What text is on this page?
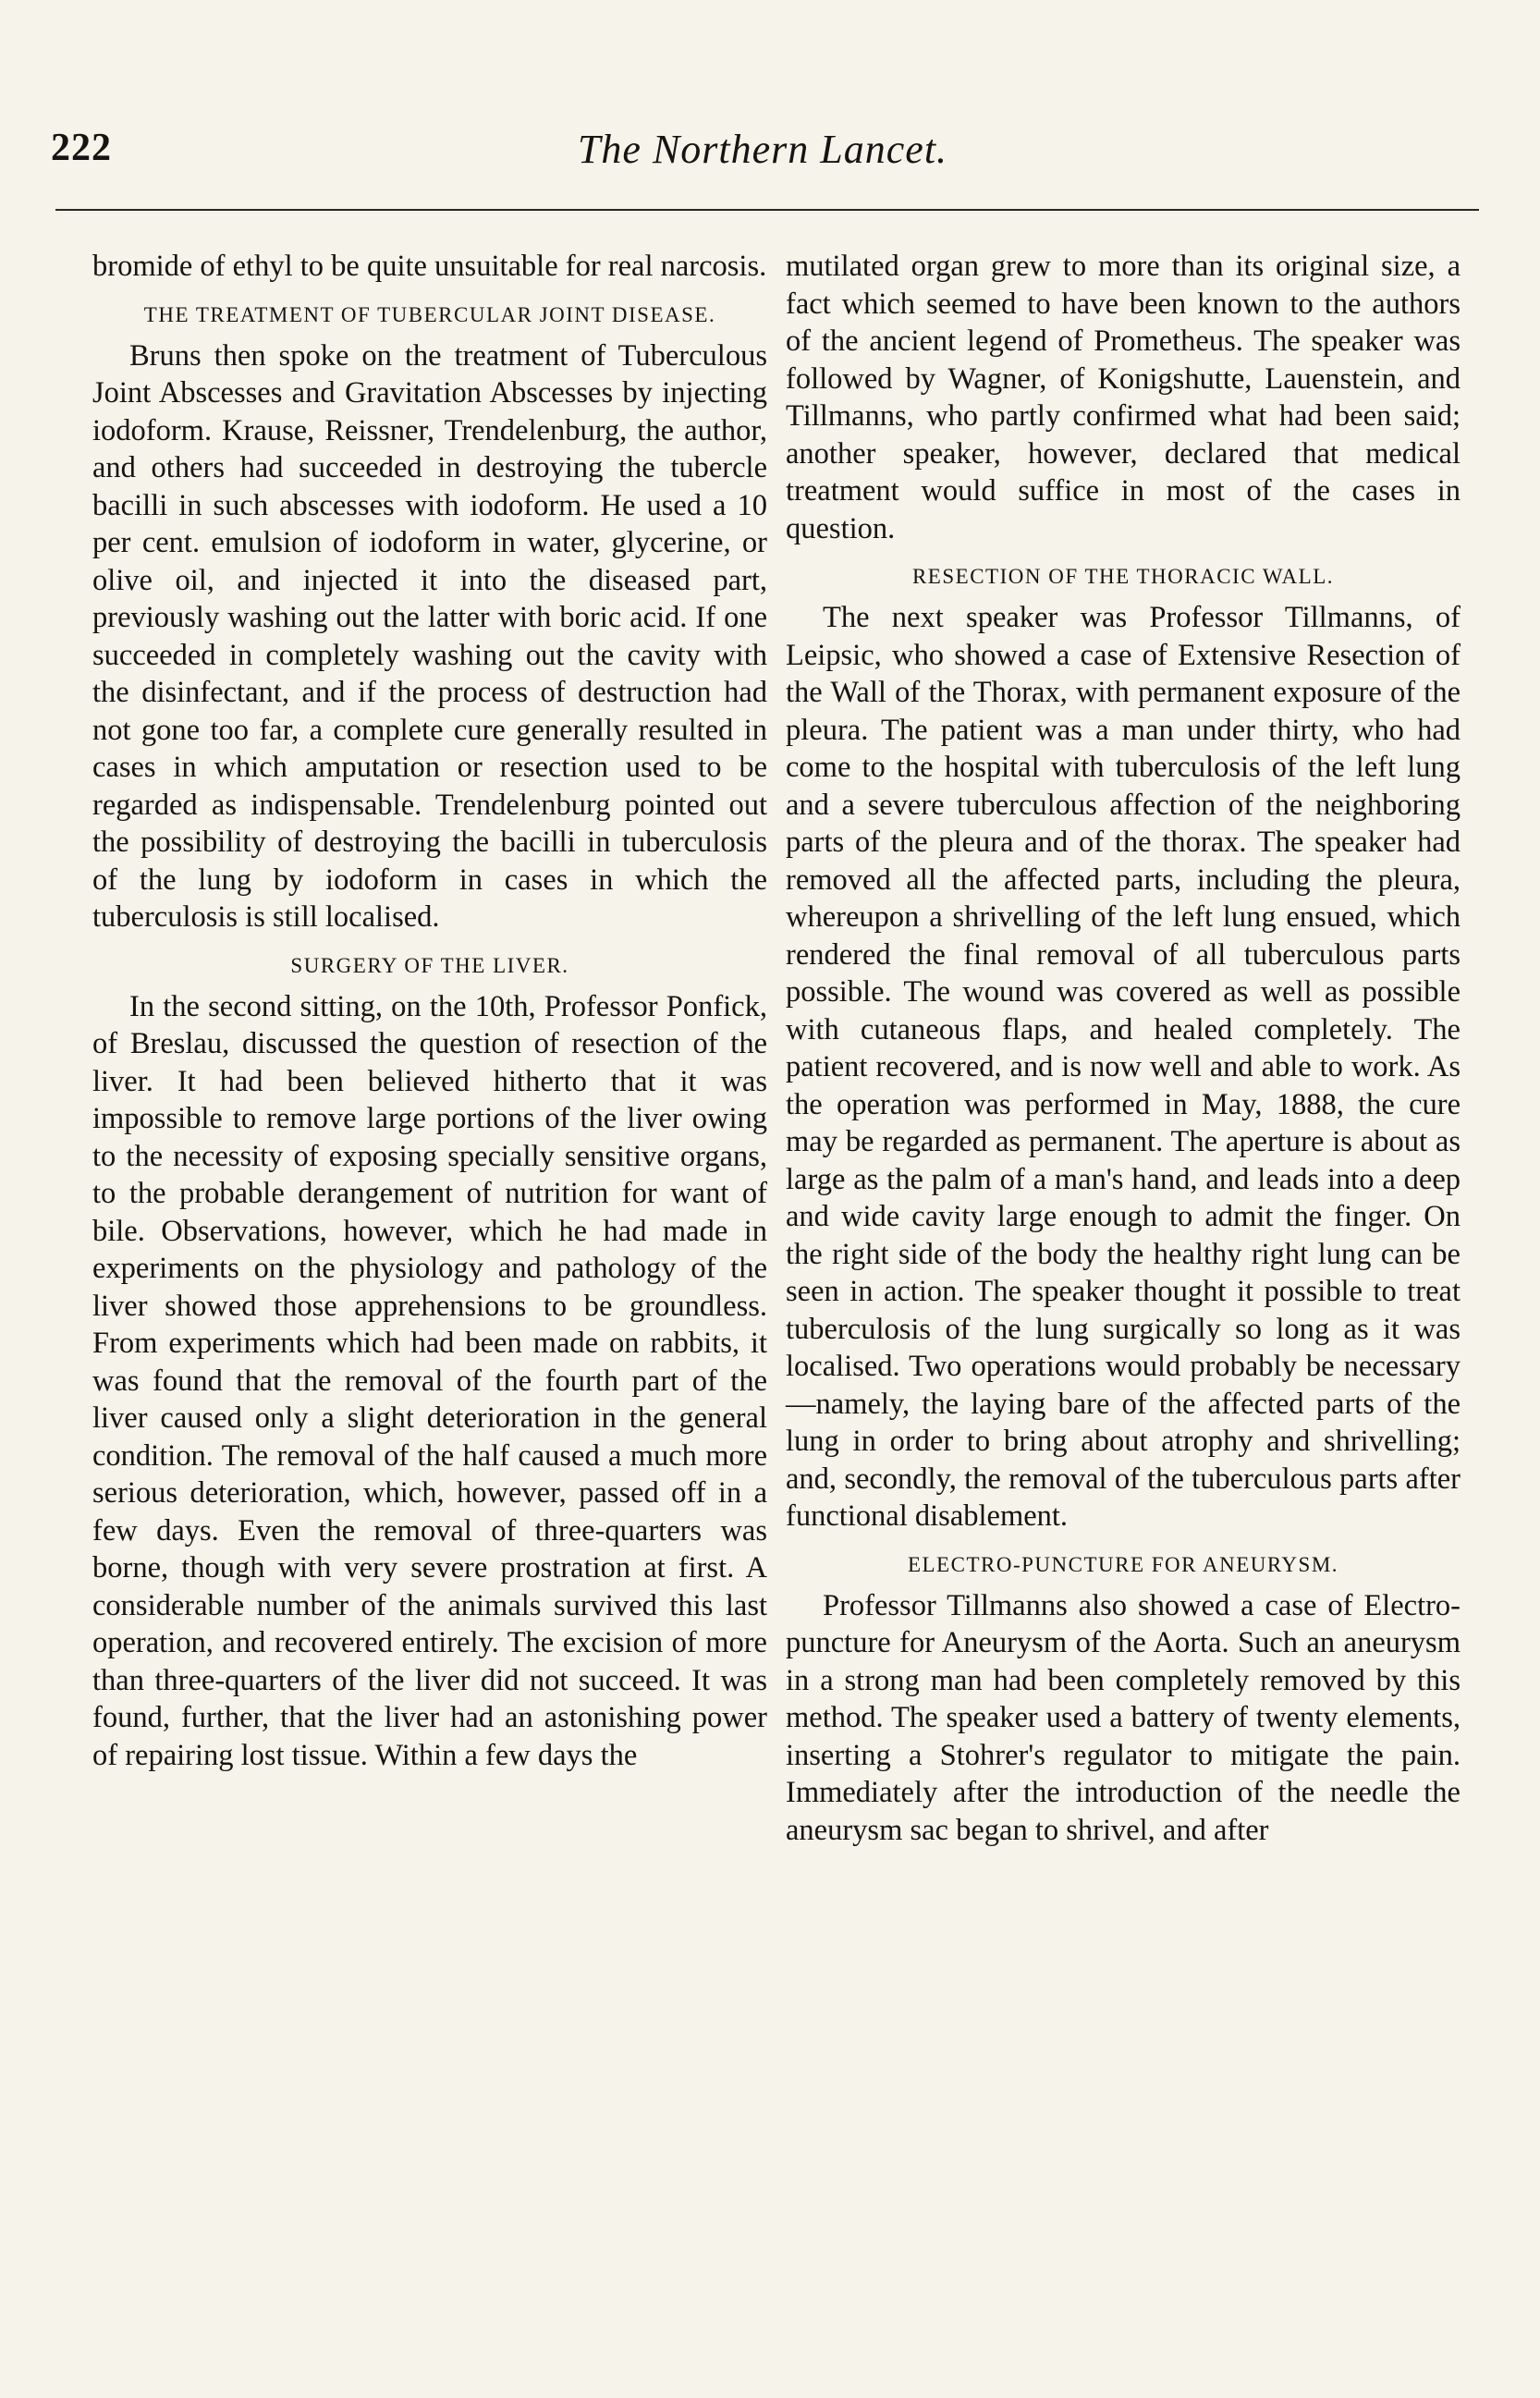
222	The Northern Lancet.

bromide of ethyl to be quite unsuitable for real narcosis.

THE TREATMENT OF TUBERCULAR JOINT DISEASE.

Bruns then spoke on the treatment of Tuberculous Joint Abscesses and Gravitation Abscesses by injecting iodoform. Krause, Reissner, Trendelenburg, the author, and others had succeeded in destroying the tubercle bacilli in such abscesses with iodoform. He used a 10 per cent. emulsion of iodoform in water, glycerine, or olive oil, and injected it into the diseased part, previously washing out the latter with boric acid. If one succeeded in completely washing out the cavity with the disinfectant, and if the process of destruction had not gone too far, a complete cure generally resulted in cases in which amputation or resection used to be regarded as indispensable. Trendelenburg pointed out the possibility of destroying the bacilli in tuberculosis of the lung by iodoform in cases in which the tuberculosis is still localised.

SURGERY OF THE LIVER.

In the second sitting, on the 10th, Professor Ponfick, of Breslau, discussed the question of resection of the liver. It had been believed hitherto that it was impossible to remove large portions of the liver owing to the necessity of exposing specially sensitive organs, to the probable derangement of nutrition for want of bile. Observations, however, which he had made in experiments on the physiology and pathology of the liver showed those apprehensions to be groundless. From experiments which had been made on rabbits, it was found that the removal of the fourth part of the liver caused only a slight deterioration in the general condition. The removal of the half caused a much more serious deterioration, which, however, passed off in a few days. Even the removal of three-quarters was borne, though with very severe prostration at first. A considerable number of the animals survived this last operation, and recovered entirely. The excision of more than three-quarters of the liver did not succeed. It was found, further, that the liver had an astonishing power of repairing lost tissue. Within a few days the

mutilated organ grew to more than its original size, a fact which seemed to have been known to the authors of the ancient legend of Prometheus. The speaker was followed by Wagner, of Konigshutte, Lauenstein, and Tillmanns, who partly confirmed what had been said; another speaker, however, declared that medical treatment would suffice in most of the cases in question.

RESECTION OF THE THORACIC WALL.

The next speaker was Professor Tillmanns, of Leipsic, who showed a case of Extensive Resection of the Wall of the Thorax, with permanent exposure of the pleura. The patient was a man under thirty, who had come to the hospital with tuberculosis of the left lung and a severe tuberculous affection of the neighboring parts of the pleura and of the thorax. The speaker had removed all the affected parts, including the pleura, whereupon a shrivelling of the left lung ensued, which rendered the final removal of all tuberculous parts possible. The wound was covered as well as possible with cutaneous flaps, and healed completely. The patient recovered, and is now well and able to work. As the operation was performed in May, 1888, the cure may be regarded as permanent. The aperture is about as large as the palm of a man's hand, and leads into a deep and wide cavity large enough to admit the finger. On the right side of the body the healthy right lung can be seen in action. The speaker thought it possible to treat tuberculosis of the lung surgically so long as it was localised. Two operations would probably be necessary—namely, the laying bare of the affected parts of the lung in order to bring about atrophy and shrivelling; and, secondly, the removal of the tuberculous parts after functional disablement.

ELECTRO-PUNCTURE FOR ANEURYSM.

Professor Tillmanns also showed a case of Electro-puncture for Aneurysm of the Aorta. Such an aneurysm in a strong man had been completely removed by this method. The speaker used a battery of twenty elements, inserting a Stohrer's regulator to mitigate the pain. Immediately after the introduction of the needle the aneurysm sac began to shrivel, and after
